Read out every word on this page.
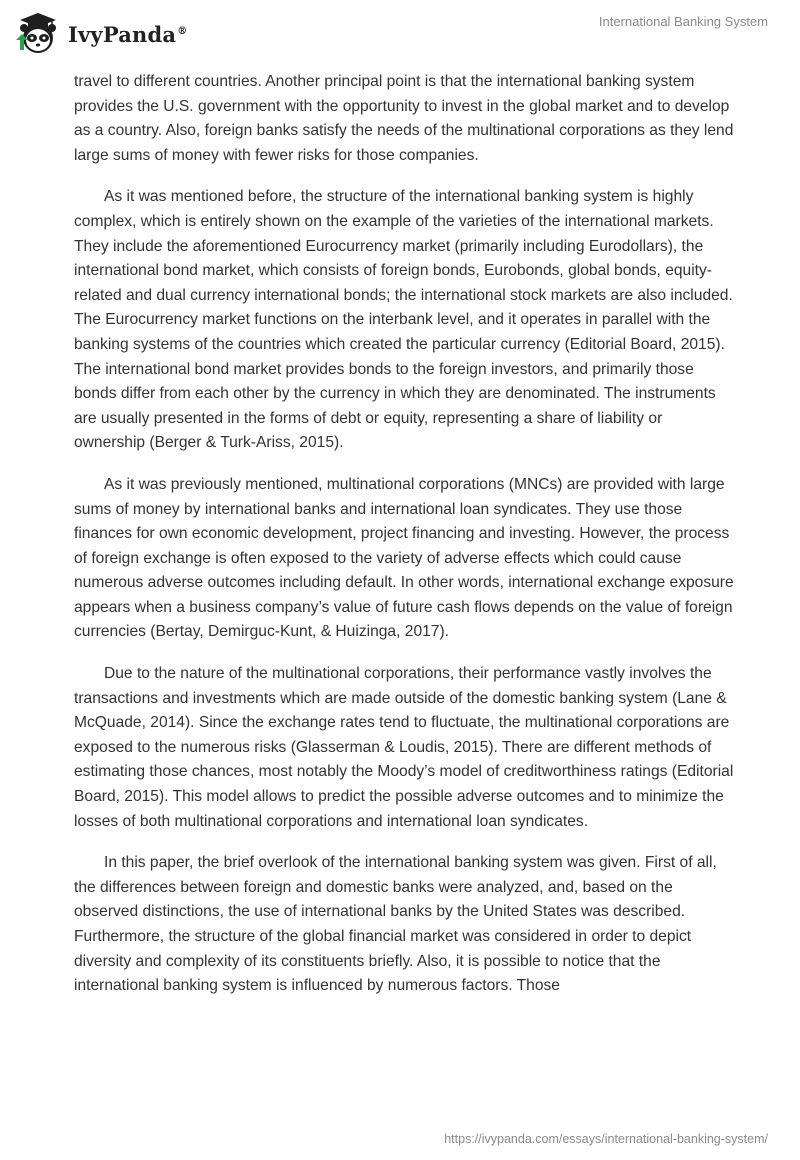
IvyPanda®
International Banking System

travel to different countries. Another principal point is that the international banking system provides the U.S. government with the opportunity to invest in the global market and to develop as a country. Also, foreign banks satisfy the needs of the multinational corporations as they lend large sums of money with fewer risks for those companies.

As it was mentioned before, the structure of the international banking system is highly complex, which is entirely shown on the example of the varieties of the international markets. They include the aforementioned Eurocurrency market (primarily including Eurodollars), the international bond market, which consists of foreign bonds, Eurobonds, global bonds, equity-related and dual currency international bonds; the international stock markets are also included. The Eurocurrency market functions on the interbank level, and it operates in parallel with the banking systems of the countries which created the particular currency (Editorial Board, 2015). The international bond market provides bonds to the foreign investors, and primarily those bonds differ from each other by the currency in which they are denominated. The instruments are usually presented in the forms of debt or equity, representing a share of liability or ownership (Berger & Turk-Ariss, 2015).

As it was previously mentioned, multinational corporations (MNCs) are provided with large sums of money by international banks and international loan syndicates. They use those finances for own economic development, project financing and investing. However, the process of foreign exchange is often exposed to the variety of adverse effects which could cause numerous adverse outcomes including default. In other words, international exchange exposure appears when a business company’s value of future cash flows depends on the value of foreign currencies (Bertay, Demirguc-Kunt, & Huizinga, 2017).

Due to the nature of the multinational corporations, their performance vastly involves the transactions and investments which are made outside of the domestic banking system (Lane & McQuade, 2014). Since the exchange rates tend to fluctuate, the multinational corporations are exposed to the numerous risks (Glasserman & Loudis, 2015). There are different methods of estimating those chances, most notably the Moody’s model of creditworthiness ratings (Editorial Board, 2015). This model allows to predict the possible adverse outcomes and to minimize the losses of both multinational corporations and international loan syndicates.

In this paper, the brief overlook of the international banking system was given. First of all, the differences between foreign and domestic banks were analyzed, and, based on the observed distinctions, the use of international banks by the United States was described. Furthermore, the structure of the global financial market was considered in order to depict diversity and complexity of its constituents briefly. Also, it is possible to notice that the international banking system is influenced by numerous factors. Those

https://ivypanda.com/essays/international-banking-system/
